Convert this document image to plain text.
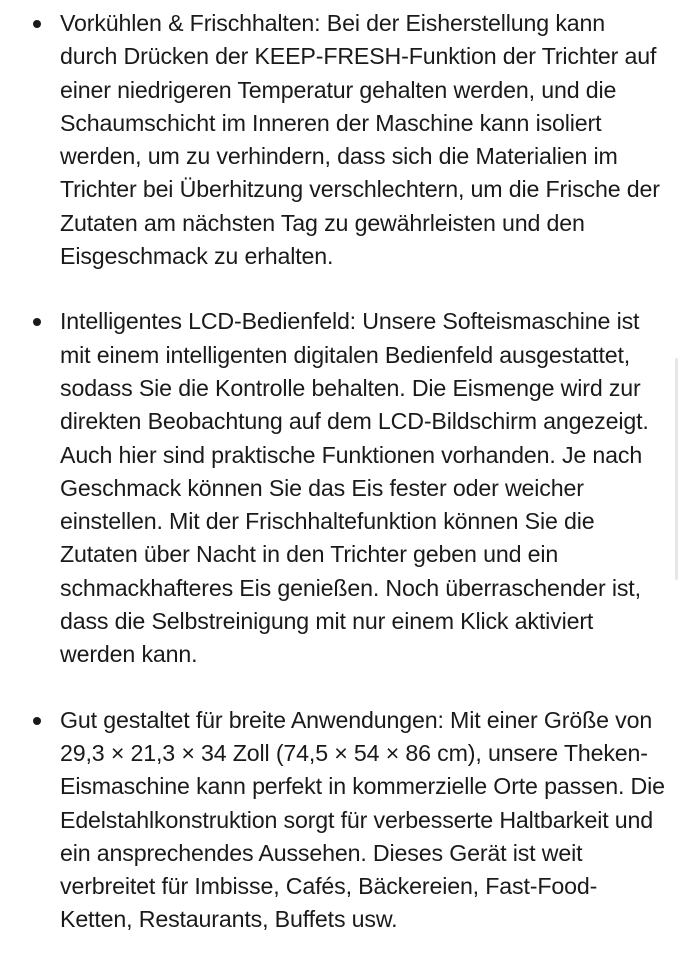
Vorkühlen & Frischhalten: Bei der Eisherstellung kann durch Drücken der KEEP-FRESH-Funktion der Trichter auf einer niedrigeren Temperatur gehalten werden, und die Schaumschicht im Inneren der Maschine kann isoliert werden, um zu verhindern, dass sich die Materialien im Trichter bei Überhitzung verschlechtern, um die Frische der Zutaten am nächsten Tag zu gewährleisten und den Eisgeschmack zu erhalten.
Intelligentes LCD-Bedienfeld: Unsere Softeismaschine ist mit einem intelligenten digitalen Bedienfeld ausgestattet, sodass Sie die Kontrolle behalten. Die Eismenge wird zur direkten Beobachtung auf dem LCD-Bildschirm angezeigt. Auch hier sind praktische Funktionen vorhanden. Je nach Geschmack können Sie das Eis fester oder weicher einstellen. Mit der Frischhaltefunktion können Sie die Zutaten über Nacht in den Trichter geben und ein schmackhafteres Eis genießen. Noch überraschender ist, dass die Selbstreinigung mit nur einem Klick aktiviert werden kann.
Gut gestaltet für breite Anwendungen: Mit einer Größe von 29,3 × 21,3 × 34 Zoll (74,5 × 54 × 86 cm), unsere Theken-Eismaschine kann perfekt in kommerzielle Orte passen. Die Edelstahlkonstruktion sorgt für verbesserte Haltbarkeit und ein ansprechendes Aussehen. Dieses Gerät ist weit verbreitet für Imbisse, Cafés, Bäckereien, Fast-Food-Ketten, Restaurants, Buffets usw.
